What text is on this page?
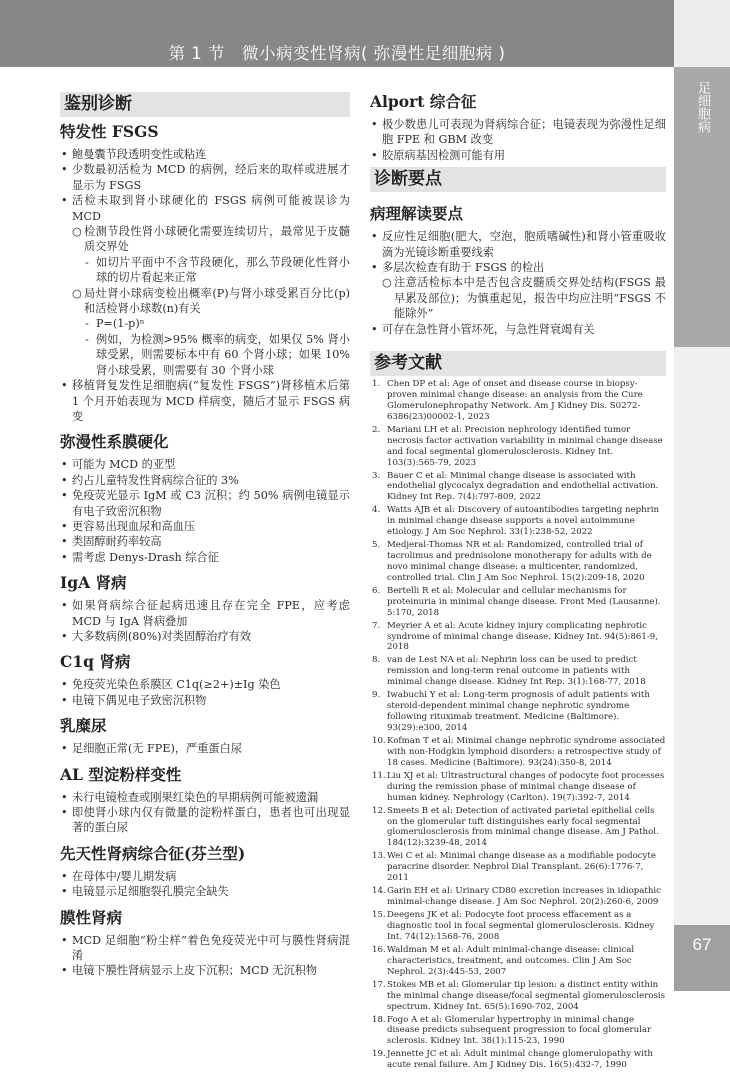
第 1 节　微小病变性肾病( 弥漫性足细胞病 )
足细胞病
67
鉴别诊断
特发性 FSGS
• 鲍曼囊节段透明变性或粘连
• 少数最初活检为 MCD 的病例，经后来的取样或进展才显示为 FSGS
• 活检未取到肾小球硬化的 FSGS 病例可能被误诊为 MCD
○ 检测节段性肾小球硬化需要连续切片，最常见于皮髓质交界处
- 如切片平面中不含节段硬化，那么节段硬化性肾小球的切片看起来正常
○ 局灶肾小球病变检出概率(P)与肾小球受累百分比(p)和活检肾小球数(n)有关
- P=(1-p)ⁿ
- 例如，为检测>95% 概率的病变，如果仅 5% 肾小球受累，则需要标本中有 60 个肾小球；如果 10% 肾小球受累，则需要有 30 个肾小球
• 移植肾复发性足细胞病(“复发性 FSGS”)肾移植术后第 1 个月开始表现为 MCD 样病变，随后才显示 FSGS 病变
弥漫性系膜硬化
• 可能为 MCD 的亚型
• 约占儿童特发性肾病综合征的 3%
• 免疫荧光显示 IgM 或 C3 沉积；约 50% 病例电镜显示有电子致密沉积物
• 更容易出现血尿和高血压
• 类固醇耐药率较高
• 需考虑 Denys-Drash 综合征
IgA 肾病
• 如果肾病综合征起病迅速且存在完全 FPE，应考虑 MCD 与 IgA 肾病叠加
• 大多数病例(80%)对类固醇治疗有效
C1q 肾病
• 免疫荧光染色系膜区 C1q(≥2+)±Ig 染色
• 电镜下偶见电子致密沉积物
乳糜尿
• 足细胞正常(无 FPE)，严重蛋白尿
AL 型淀粉样变性
• 未行电镜检查或刚果红染色的早期病例可能被遗漏
• 即使肾小球内仅有微量的淀粉样蛋白，患者也可出现显著的蛋白尿
先天性肾病综合征(芬兰型)
• 在母体中/婴儿期发病
• 电镜显示足细胞裂孔膜完全缺失
膜性肾病
• MCD 足细胞“粉尘样”着色免疫荧光中可与膜性肾病混淆
• 电镜下膜性肾病显示上皮下沉积；MCD 无沉积物
Alport 综合征
• 极少数患儿可表现为肾病综合征；电镜表现为弥漫性足细胞 FPE 和 GBM 改变
• 胶原病基因检测可能有用
诊断要点
病理解读要点
• 反应性足细胞(肥大，空泡，胞质嗜碱性)和肾小管重吸收滴为光镜诊断重要线索
• 多层次检查有助于 FSGS 的检出
○ 注意活检标本中是否包含皮髓质交界处结构(FSGS 最早累及部位)；为慎重起见，报告中均应注明“FSGS 不能除外”
• 可存在急性肾小管坏死，与急性肾衰竭有关
参考文献
1. Chen DP et al: Age of onset and disease course in biopsy-proven minimal change disease: an analysis from the Cure Glomerulonephropathy Network. Am J Kidney Dis. S0272-6386(23)00002-1, 2023
2. Mariani LH et al: Precision nephrology identified tumor necrosis factor activation variability in minimal change disease and focal segmental glomerulosclerosis. Kidney Int. 103(3):565-79, 2023
3. Bauer C et al: Minimal change disease is associated with endothelial glycocalyx degradation and endothelial activation. Kidney Int Rep. 7(4):797-809, 2022
4. Watts AJB et al: Discovery of autoantibodies targeting nephrin in minimal change disease supports a novel autoimmune etiology. J Am Soc Nephrol. 33(1):238-52, 2022
5. Medjeral-Thomas NR et al: Randomized, controlled trial of tacrolimus and prednisolone monotherapy for adults with de novo minimal change disease: a multicenter, randomized, controlled trial. Clin J Am Soc Nephrol. 15(2):209-18, 2020
6. Bertelli R et al: Molecular and cellular mechanisms for proteinuria in minimal change disease. Front Med (Lausanne). 5:170, 2018
7. Meyrier A et al: Acute kidney injury complicating nephrotic syndrome of minimal change disease. Kidney Int. 94(5):861-9, 2018
8. van de Lest NA et al: Nephrin loss can be used to predict remission and long-term renal outcome in patients with minimal change disease. Kidney Int Rep. 3(1):168-77, 2018
9. Iwabuchi Y et al: Long-term prognosis of adult patients with steroid-dependent minimal change nephrotic syndrome following rituximab treatment. Medicine (Baltimore). 93(29):e300, 2014
10. Kofman T et al: Minimal change nephrotic syndrome associated with non-Hodgkin lymphoid disorders: a retrospective study of 18 cases. Medicine (Baltimore). 93(24):350-8, 2014
11. Liu XJ et al: Ultrastructural changes of podocyte foot processes during the remission phase of minimal change disease of human kidney. Nephrology (Carlton). 19(7):392-7, 2014
12. Smeets B et al: Detection of activated parietal epithelial cells on the glomerular tuft distinguishes early focal segmental glomerulosclerosis from minimal change disease. Am J Pathol. 184(12):3239-48, 2014
13. Wei C et al: Minimal change disease as a modifiable podocyte paracrine disorder. Nephrol Dial Transplant. 26(6):1776-7, 2011
14. Garin EH et al: Urinary CD80 excretion increases in idiopathic minimal-change disease. J Am Soc Nephrol. 20(2):260-6, 2009
15. Deegens JK et al: Podocyte foot process effacement as a diagnostic tool in focal segmental glomerulosclerosis. Kidney Int. 74(12):1568-76, 2008
16. Waldman M et al: Adult minimal-change disease: clinical characteristics, treatment, and outcomes. Clin J Am Soc Nephrol. 2(3):445-53, 2007
17. Stokes MB et al: Glomerular tip lesion: a distinct entity within the minimal change disease/focal segmental glomerulosclerosis spectrum. Kidney Int. 65(5):1690-702, 2004
18. Fogo A et al: Glomerular hypertrophy in minimal change disease predicts subsequent progression to focal glomerular sclerosis. Kidney Int. 38(1):115-23, 1990
19. Jennette JC et al: Adult minimal change glomerulopathy with acute renal failure. Am J Kidney Dis. 16(5):432-7, 1990
